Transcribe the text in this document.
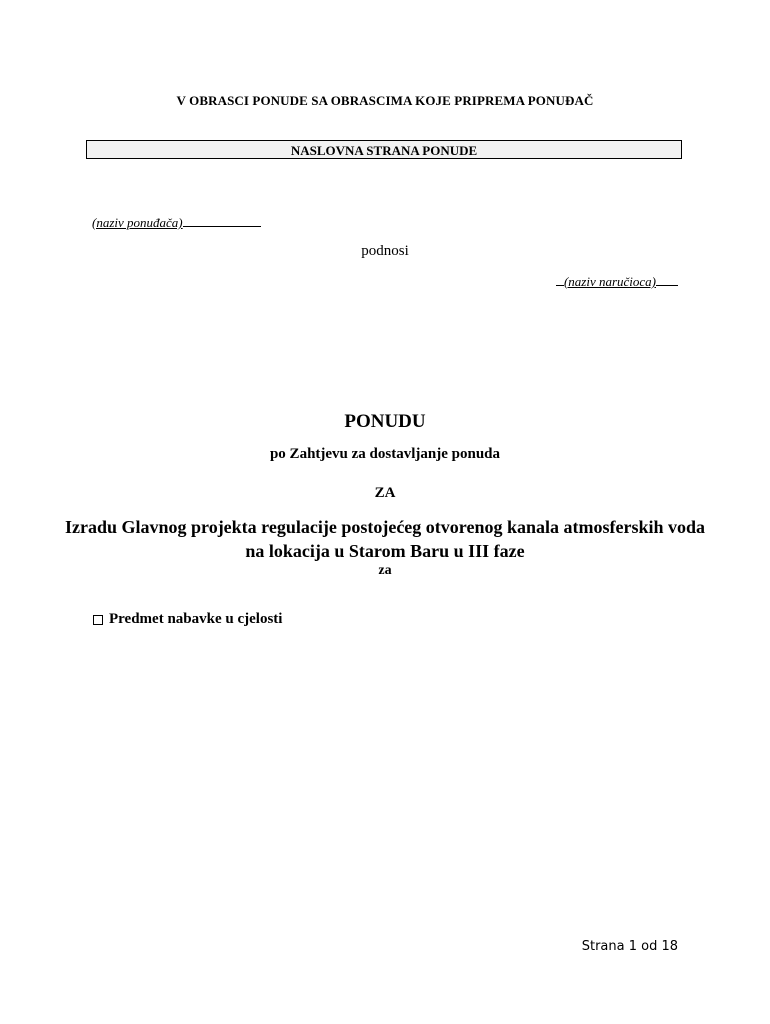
V OBRASCI PONUDE SA OBRASCIMA KOJE PRIPREMA PONUĐAČ
NASLOVNA STRANA PONUDE
(naziv ponuđača)
podnosi
(naziv naručioca)
PONUDU
po Zahtjevu za dostavljanje ponuda
ZA
Izradu Glavnog projekta regulacije postojećeg otvorenog kanala atmosferskih voda na lokacija u Starom Baru u III faze
za
Predmet nabavke u cjelosti
Strana 1 od 18
